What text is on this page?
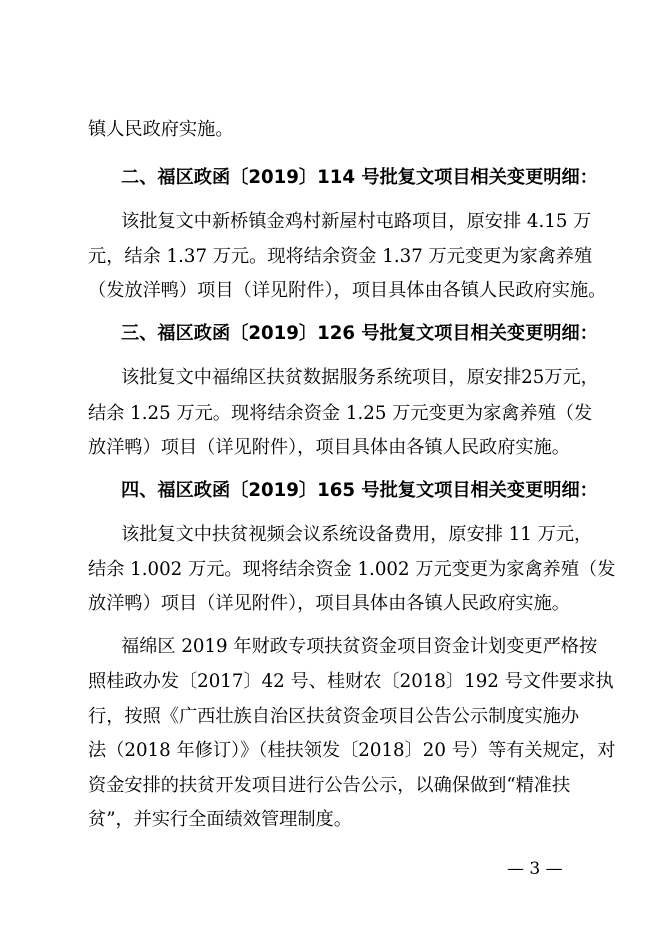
镇人民政府实施。
二、福区政函〔2019〕114 号批复文项目相关变更明细：
该批复文中新桥镇金鸡村新屋村屯路项目，原安排 4.15 万
元，结余 1.37 万元。现将结余资金 1.37 万元变更为家禽养殖
（发放洋鸭）项目（详见附件），项目具体由各镇人民政府实施。
三、福区政函〔2019〕126 号批复文项目相关变更明细：
该批复文中福绵区扶贫数据服务系统项目，原安排25万元，
结余 1.25 万元。现将结余资金 1.25 万元变更为家禽养殖（发
放洋鸭）项目（详见附件），项目具体由各镇人民政府实施。
四、福区政函〔2019〕165 号批复文项目相关变更明细：
该批复文中扶贫视频会议系统设备费用，原安排 11 万元，
结余 1.002 万元。现将结余资金 1.002 万元变更为家禽养殖（发
放洋鸭）项目（详见附件），项目具体由各镇人民政府实施。
福绵区 2019 年财政专项扶贫资金项目资金计划变更严格按
照桂政办发〔2017〕42 号、桂财农〔2018〕192 号文件要求执
行，按照《广西壮族自治区扶贫资金项目公告公示制度实施办
法（2018 年修订）》（桂扶领发〔2018〕20 号）等有关规定，对
资金安排的扶贫开发项目进行公告公示，以确保做到“精准扶
贫”，并实行全面绩效管理制度。
— 3 —
